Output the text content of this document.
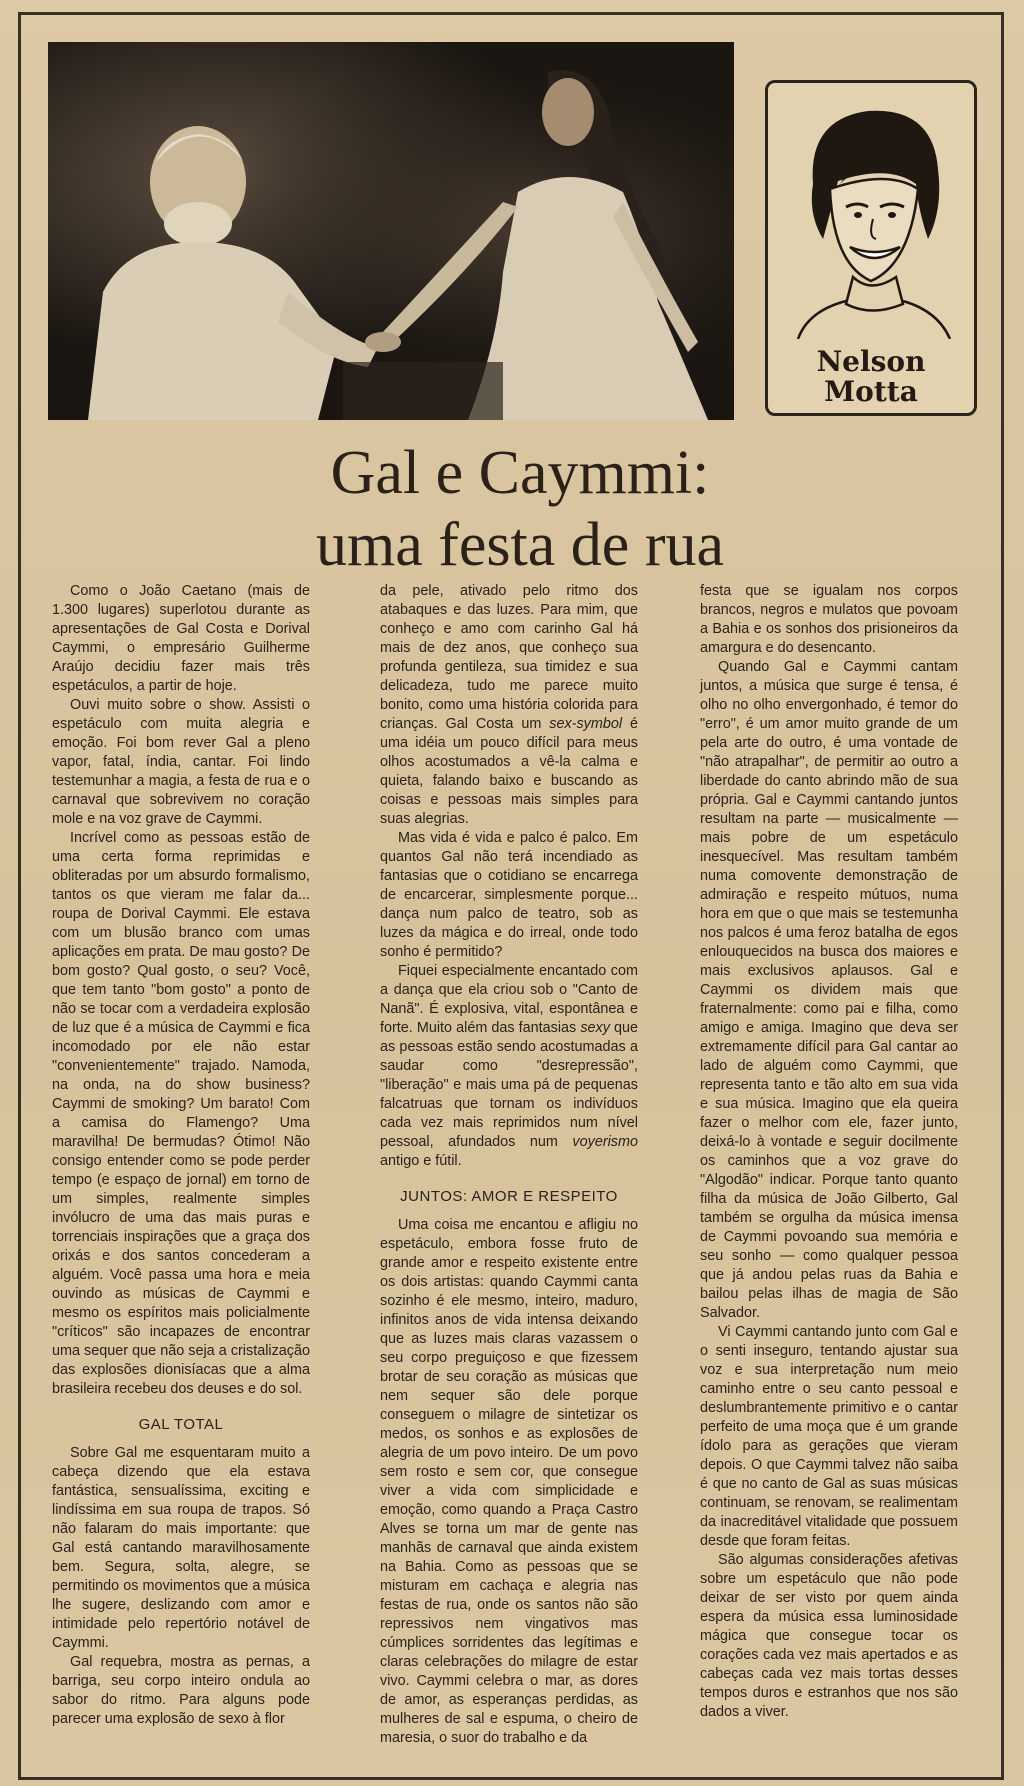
Nelson
Motta
Gal e Caymmi:
uma festa de rua

Como o João Caetano (mais de 1.300 lugares) superlotou durante as apresentações de Gal Costa e Dorival Caymmi, o empresário Guilherme Araújo decidiu fazer mais três espetáculos, a partir de hoje.

Ouvi muito sobre o show. Assisti o espetáculo com muita alegria e emoção. Foi bom rever Gal a pleno vapor, fatal, índia, cantar. Foi lindo testemunhar a magia, a festa de rua e o carnaval que sobrevivem no coração mole e na voz grave de Caymmi.

Incrível como as pessoas estão de uma certa forma reprimidas e obliteradas por um absurdo formalismo, tantos os que vieram me falar da... roupa de Dorival Caymmi. Ele estava com um blusão branco com umas aplicações em prata. De mau gosto? De bom gosto? Qual gosto, o seu? Você, que tem tanto "bom gosto" a ponto de não se tocar com a verdadeira explosão de luz que é a música de Caymmi e fica incomodado por ele não estar "convenientemente" trajado. Namoda, na onda, na do show business? Caymmi de smoking? Um barato! Com a camisa do Flamengo? Uma maravilha! De bermudas? Ótimo! Não consigo entender como se pode perder tempo (e espaço de jornal) em torno de um simples, realmente simples invólucro de uma das mais puras e torrenciais inspirações que a graça dos orixás e dos santos concederam a alguém. Você passa uma hora e meia ouvindo as músicas de Caymmi e mesmo os espíritos mais policialmente "críticos" são incapazes de encontrar uma sequer que não seja a cristalização das explosões dionisíacas que a alma brasileira recebeu dos deuses e do sol.

GAL TOTAL

Sobre Gal me esquentaram muito a cabeça dizendo que ela estava fantástica, sensualíssima, exciting e lindíssima em sua roupa de trapos. Só não falaram do mais importante: que Gal está cantando maravilhosamente bem. Segura, solta, alegre, se permitindo os movimentos que a música lhe sugere, deslizando com amor e intimidade pelo repertório notável de Caymmi.

Gal requebra, mostra as pernas, a barriga, seu corpo inteiro ondula ao sabor do ritmo. Para alguns pode parecer uma explosão de sexo à flor

da pele, ativado pelo ritmo dos atabaques e das luzes. Para mim, que conheço e amo com carinho Gal há mais de dez anos, que conheço sua profunda gentileza, sua timidez e sua delicadeza, tudo me parece muito bonito, como uma história colorida para crianças. Gal Costa um sex-symbol é uma idéia um pouco difícil para meus olhos acostumados a vê-la calma e quieta, falando baixo e buscando as coisas e pessoas mais simples para suas alegrias.

Mas vida é vida e palco é palco. Em quantos Gal não terá incendiado as fantasias que o cotidiano se encarrega de encarcerar, simplesmente porque... dança num palco de teatro, sob as luzes da mágica e do irreal, onde todo sonho é permitido?

Fiquei especialmente encantado com a dança que ela criou sob o "Canto de Nanã". É explosiva, vital, espontânea e forte. Muito além das fantasias sexy que as pessoas estão sendo acostumadas a saudar como "desrepressão", "liberação" e mais uma pá de pequenas falcatruas que tornam os indivíduos cada vez mais reprimidos num nível pessoal, afundados num voyerismo antigo e fútil.

JUNTOS: AMOR E RESPEITO

Uma coisa me encantou e afligiu no espetáculo, embora fosse fruto de grande amor e respeito existente entre os dois artistas: quando Caymmi canta sozinho é ele mesmo, inteiro, maduro, infinitos anos de vida intensa deixando que as luzes mais claras vazassem o seu corpo preguiçoso e que fizessem brotar de seu coração as músicas que nem sequer são dele porque conseguem o milagre de sintetizar os medos, os sonhos e as explosões de alegria de um povo inteiro. De um povo sem rosto e sem cor, que consegue viver a vida com simplicidade e emoção, como quando a Praça Castro Alves se torna um mar de gente nas manhãs de carnaval que ainda existem na Bahia. Como as pessoas que se misturam em cachaça e alegria nas festas de rua, onde os santos não são repressivos nem vingativos mas cúmplices sorridentes das legítimas e claras celebrações do milagre de estar vivo. Caymmi celebra o mar, as dores de amor, as esperanças perdidas, as mulheres de sal e espuma, o cheiro de maresia, o suor do trabalho e da

festa que se igualam nos corpos brancos, negros e mulatos que povoam a Bahia e os sonhos dos prisioneiros da amargura e do desencanto.

Quando Gal e Caymmi cantam juntos, a música que surge é tensa, é olho no olho envergonhado, é temor do "erro", é um amor muito grande de um pela arte do outro, é uma vontade de "não atrapalhar", de permitir ao outro a liberdade do canto abrindo mão de sua própria. Gal e Caymmi cantando juntos resultam na parte — musicalmente — mais pobre de um espetáculo inesquecível. Mas resultam também numa comovente demonstração de admiração e respeito mútuos, numa hora em que o que mais se testemunha nos palcos é uma feroz batalha de egos enlouquecidos na busca dos maiores e mais exclusivos aplausos. Gal e Caymmi os dividem mais que fraternalmente: como pai e filha, como amigo e amiga. Imagino que deva ser extremamente difícil para Gal cantar ao lado de alguém como Caymmi, que representa tanto e tão alto em sua vida e sua música. Imagino que ela queira fazer o melhor com ele, fazer junto, deixá-lo à vontade e seguir docilmente os caminhos que a voz grave do "Algodão" indicar. Porque tanto quanto filha da música de João Gilberto, Gal também se orgulha da música imensa de Caymmi povoando sua memória e seu sonho — como qualquer pessoa que já andou pelas ruas da Bahia e bailou pelas ilhas de magia de São Salvador.

Vi Caymmi cantando junto com Gal e o senti inseguro, tentando ajustar sua voz e sua interpretação num meio caminho entre o seu canto pessoal e deslumbrantemente primitivo e o cantar perfeito de uma moça que é um grande ídolo para as gerações que vieram depois. O que Caymmi talvez não saiba é que no canto de Gal as suas músicas continuam, se renovam, se realimentam da inacreditável vitalidade que possuem desde que foram feitas.

São algumas considerações afetivas sobre um espetáculo que não pode deixar de ser visto por quem ainda espera da música essa luminosidade mágica que consegue tocar os corações cada vez mais apertados e as cabeças cada vez mais tortas desses tempos duros e estranhos que nos são dados a viver.
